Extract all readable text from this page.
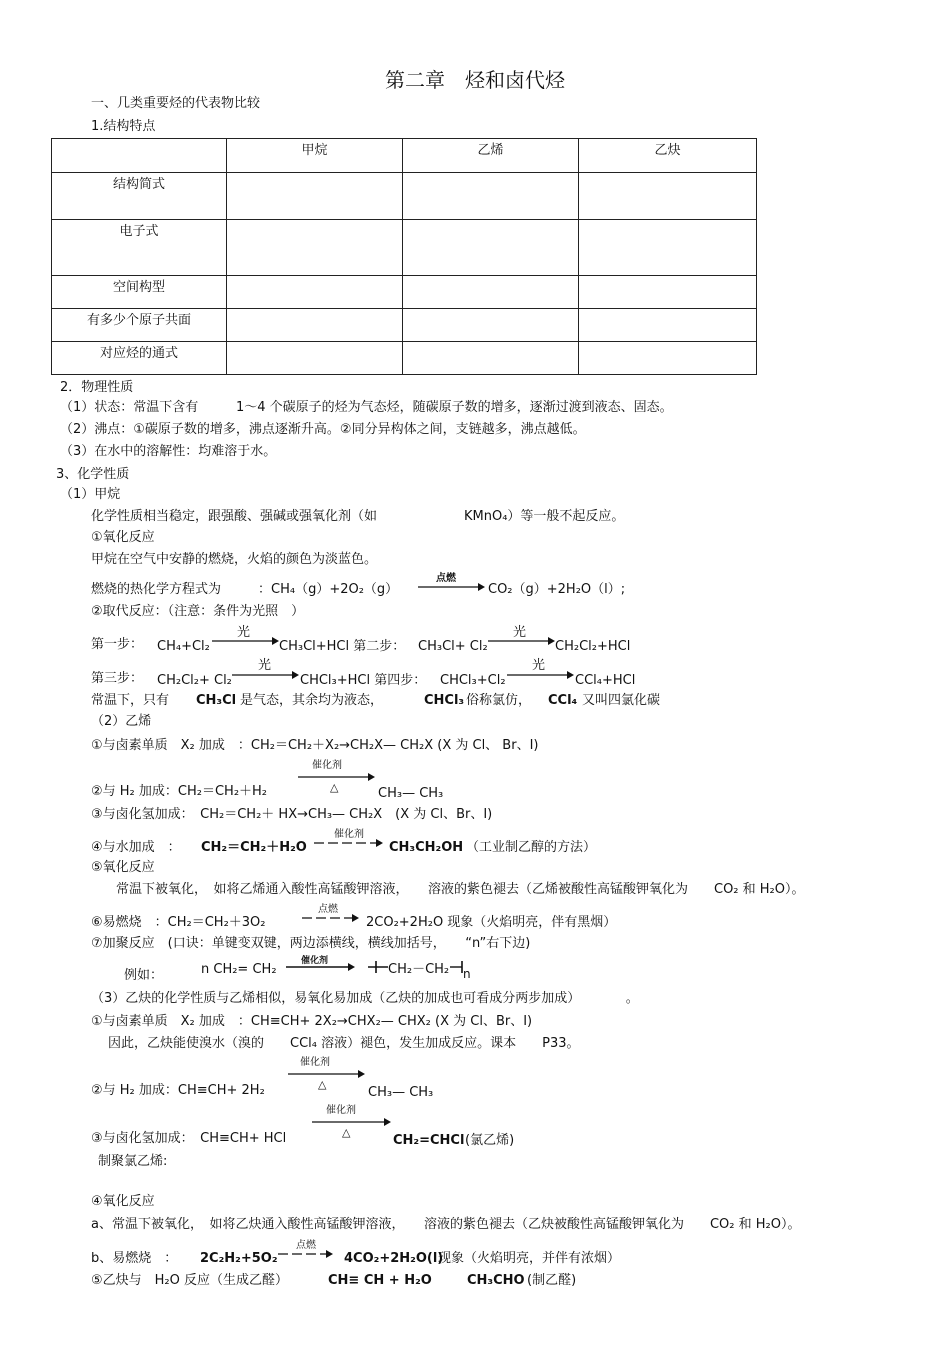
第二章　烃和卤代烃
一、几类重要烃的代表物比较
1.结构特点
	甲烷	乙烯	乙炔
结构简式			
电子式			
空间构型			
有多少个原子共面			
对应烃的通式			
2．物理性质
（1）状态：常温下含有	1～4 个碳原子的烃为气态烃，随碳原子数的增多，逐渐过渡到液态、固态。
（2）沸点：①碳原子数的增多，沸点逐渐升高。②同分异构体之间，支链越多，沸点越低。
（3）在水中的溶解性：均难溶于水。
3、化学性质
（1）甲烷
化学性质相当稳定，跟强酸、强碱或强氧化剂（如	KMnO₄）等一般不起反应。
①氧化反应
甲烷在空气中安静的燃烧，火焰的颜色为淡蓝色。
燃烧的热化学方程式为	：CH₄（g）+2O₂（g）
点燃
CO₂（g）+2H₂O（l）;
②取代反应：（注意：条件为光照　）
第一步： CH₄+Cl₂
光
CH₃Cl+HCl 第二步： CH₃Cl+ Cl₂
光
CH₂Cl₂+HCl
第三步： CH₂Cl₂+ Cl₂
光
CHCl₃+HCl 第四步： CHCl₃+Cl₂
光
CCl₄+HCl
常温下，只有 CH₃Cl 是气态，其余均为液态，	CHCl₃ 俗称氯仿， CCl₄ 又叫四氯化碳
（2）乙烯
①与卤素单质　X₂ 加成　：CH₂＝CH₂＋X₂→CH₂X— CH₂X (X 为 Cl、 Br、I)
催化剂
△
②与 H₂ 加成：CH₂＝CH₂＋H₂	CH₃— CH₃
③与卤化氢加成：　CH₂＝CH₂＋ HX→CH₃— CH₂X　(X 为 Cl、Br、I)
④与水加成　： CH₂＝CH₂＋H₂O
催化剂
CH₃CH₂OH （工业制乙醇的方法）
⑤氧化反应
常温下被氧化，　如将乙烯通入酸性高锰酸钾溶液，　　溶液的紫色褪去（乙烯被酸性高锰酸钾氧化为　　CO₂ 和 H₂O）。
⑥易燃烧　：CH₂＝CH₂＋3O₂
点燃
2CO₂+2H₂O 现象（火焰明亮，伴有黑烟）
⑦加聚反应　(口诀：单键变双键，两边添横线，横线加括号，　　“n”右下边)
例如：	n CH₂= CH₂
催化剂
CH₂－CH₂ n
（3）乙炔的化学性质与乙烯相似，易氧化易加成（乙炔的加成也可看成分两步加成）　　　　。
①与卤素单质　X₂ 加成　：CH≡CH+ 2X₂→CHX₂— CHX₂ (X 为 Cl、Br、I)
因此，乙炔能使溴水（溴的　　CCl₄ 溶液）褪色，发生加成反应。课本　　P33。
催化剂
△
②与 H₂ 加成：CH≡CH+ 2H₂	CH₃— CH₃
催化剂
△
③与卤化氢加成：　CH≡CH+ HCl	CH₂=CHCl (氯乙烯)
制聚氯乙烯:
④氧化反应
a、常温下被氧化，　如将乙炔通入酸性高锰酸钾溶液，　　溶液的紫色褪去（乙炔被酸性高锰酸钾氧化为　　CO₂ 和 H₂O）。
b、易燃烧　： 2C₂H₂+5O₂
点燃
4CO₂+2H₂O(l)
现象（火焰明亮，并伴有浓烟）
⑤乙炔与　H₂O 反应（生成乙醛）	CH≡ CH + H₂O	CH₃CHO (制乙醛)
